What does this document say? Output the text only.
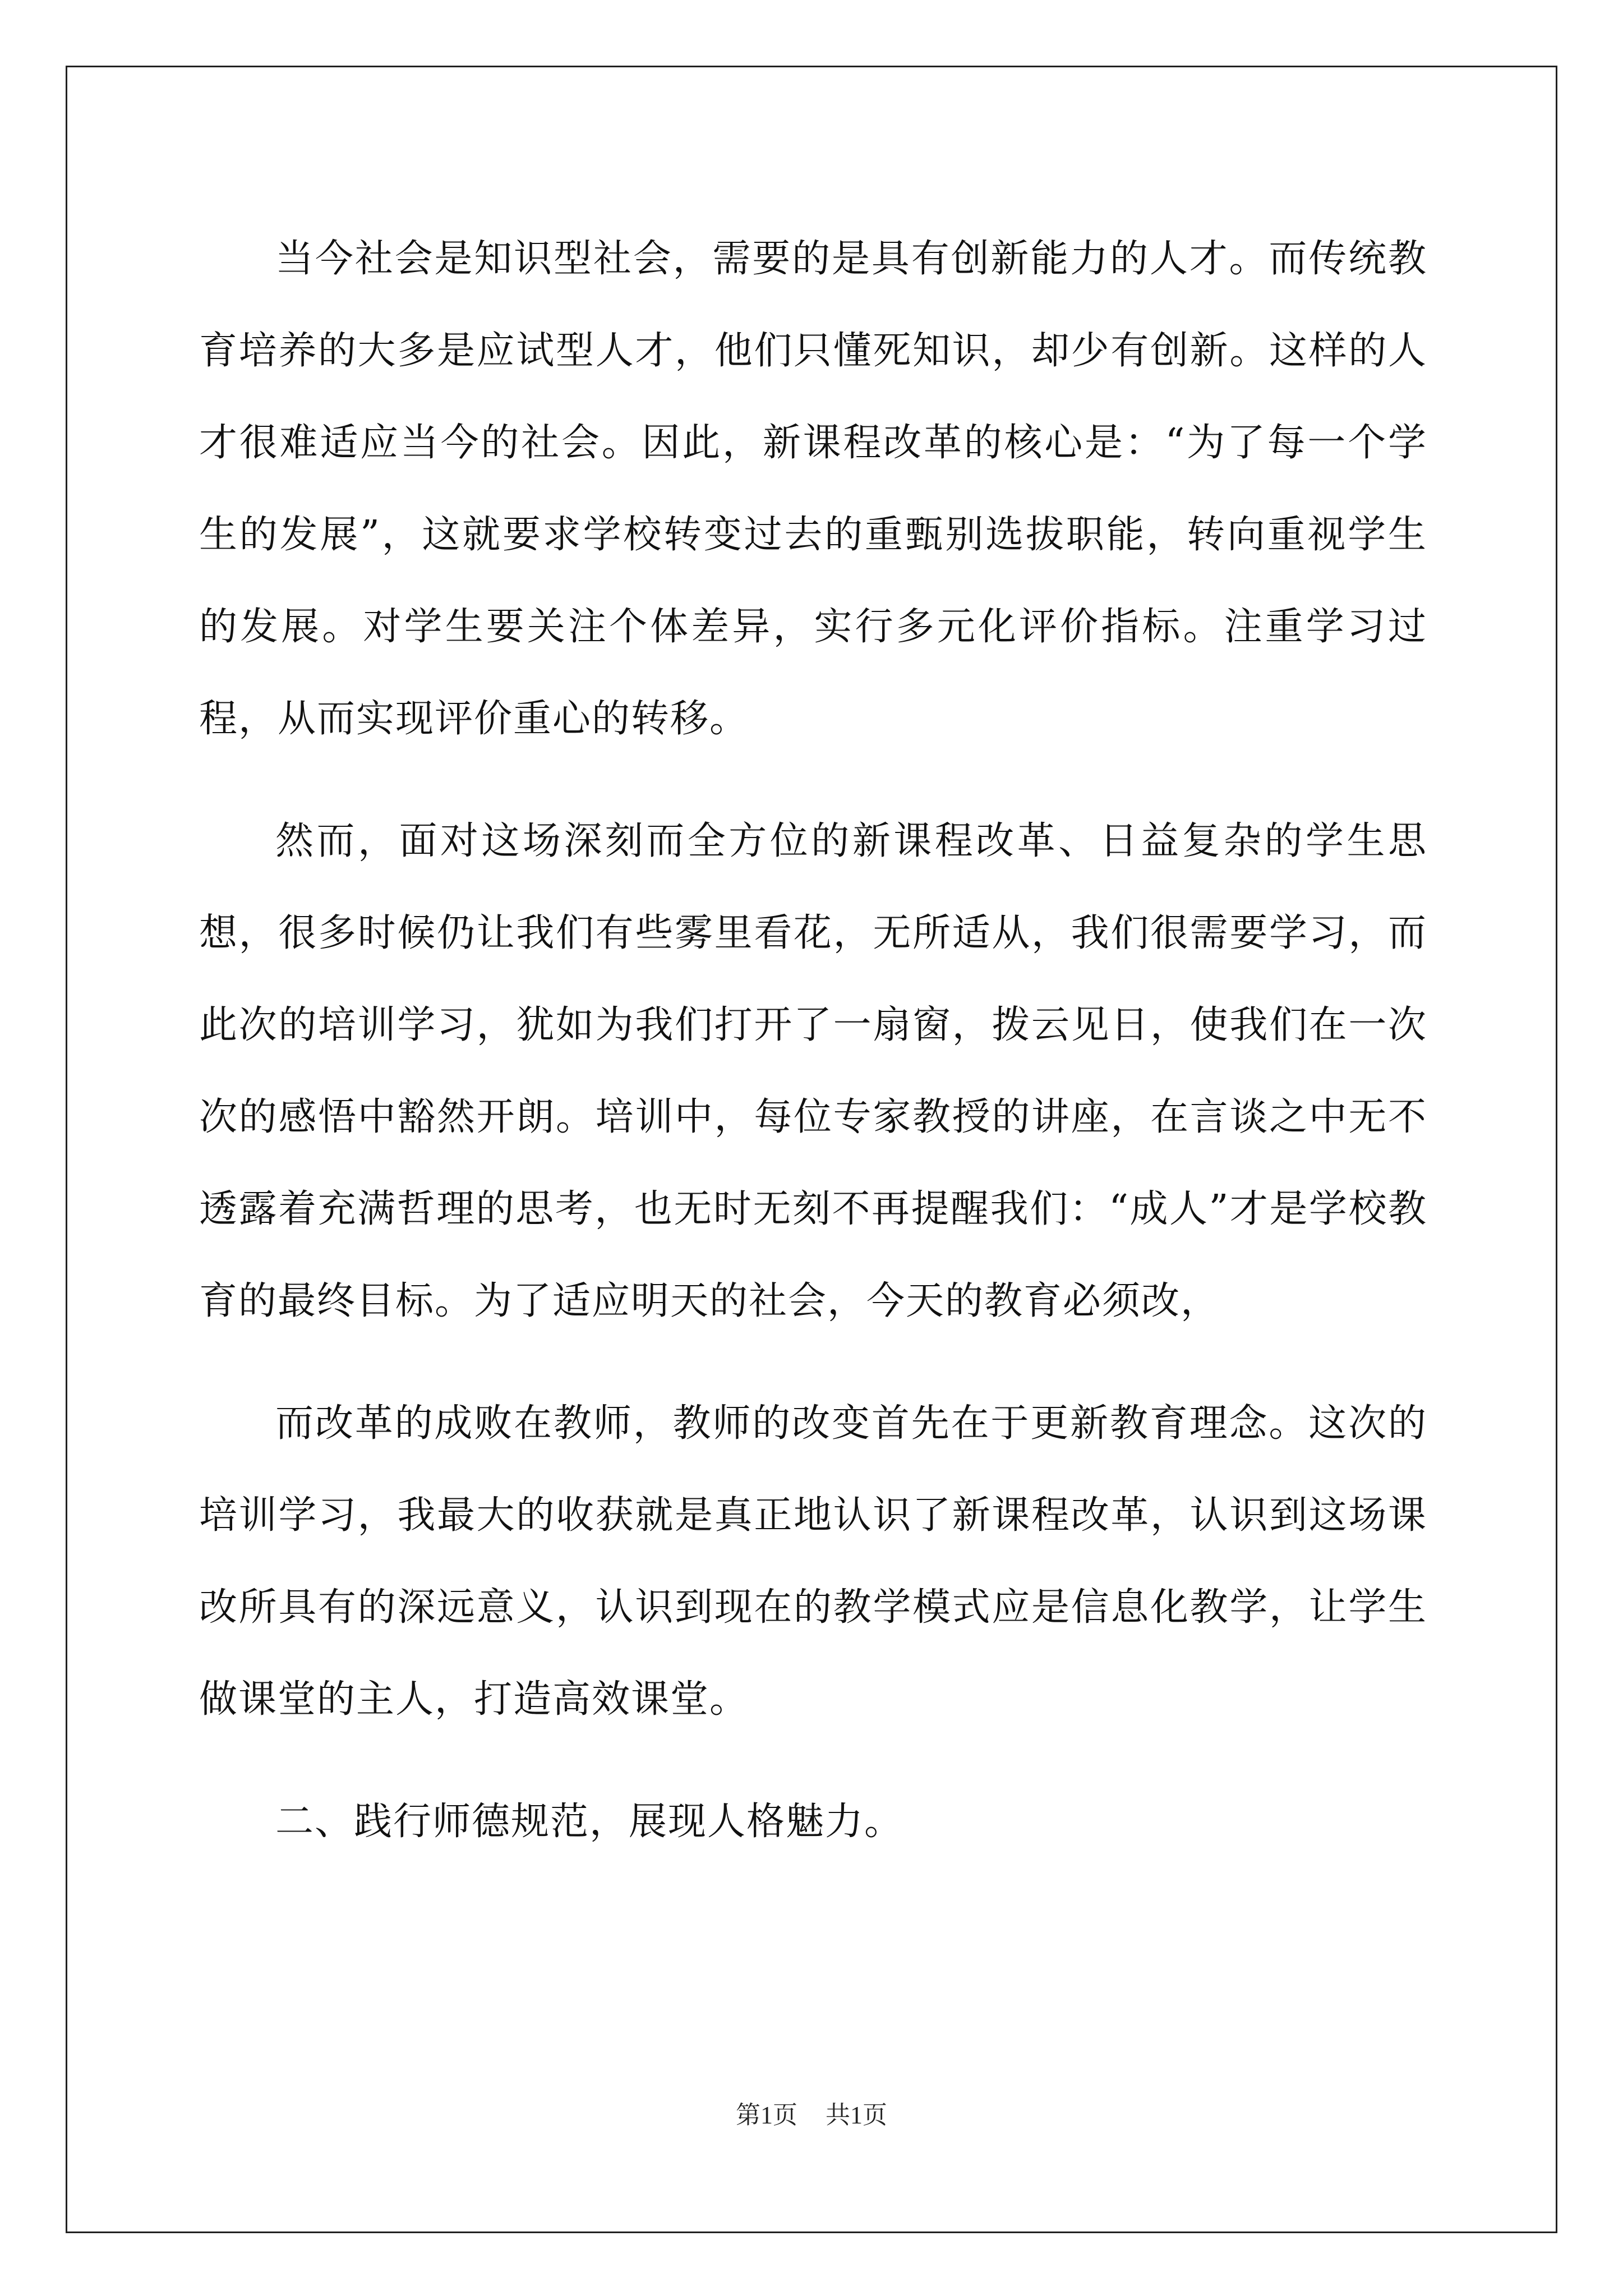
当今社会是知识型社会，需要的是具有创新能力的人才。而传统教育培养的大多是应试型人才，他们只懂死知识，却少有创新。这样的人才很难适应当今的社会。因此，新课程改革的核心是：“为了每一个学生的发展”，这就要求学校转变过去的重甄别选拔职能，转向重视学生的发展。对学生要关注个体差异，实行多元化评价指标。注重学习过程，从而实现评价重心的转移。

然而，面对这场深刻而全方位的新课程改革、日益复杂的学生思想，很多时候仍让我们有些雾里看花，无所适从，我们很需要学习，而此次的培训学习，犹如为我们打开了一扇窗，拨云见日，使我们在一次次的感悟中豁然开朗。培训中，每位专家教授的讲座，在言谈之中无不透露着充满哲理的思考，也无时无刻不再提醒我们：“成人”才是学校教育的最终目标。为了适应明天的社会，今天的教育必须改，

而改革的成败在教师，教师的改变首先在于更新教育理念。这次的培训学习，我最大的收获就是真正地认识了新课程改革，认识到这场课改所具有的深远意义，认识到现在的教学模式应是信息化教学，让学生做课堂的主人，打造高效课堂。

二、践行师德规范，展现人格魅力。

第1页 共1页
